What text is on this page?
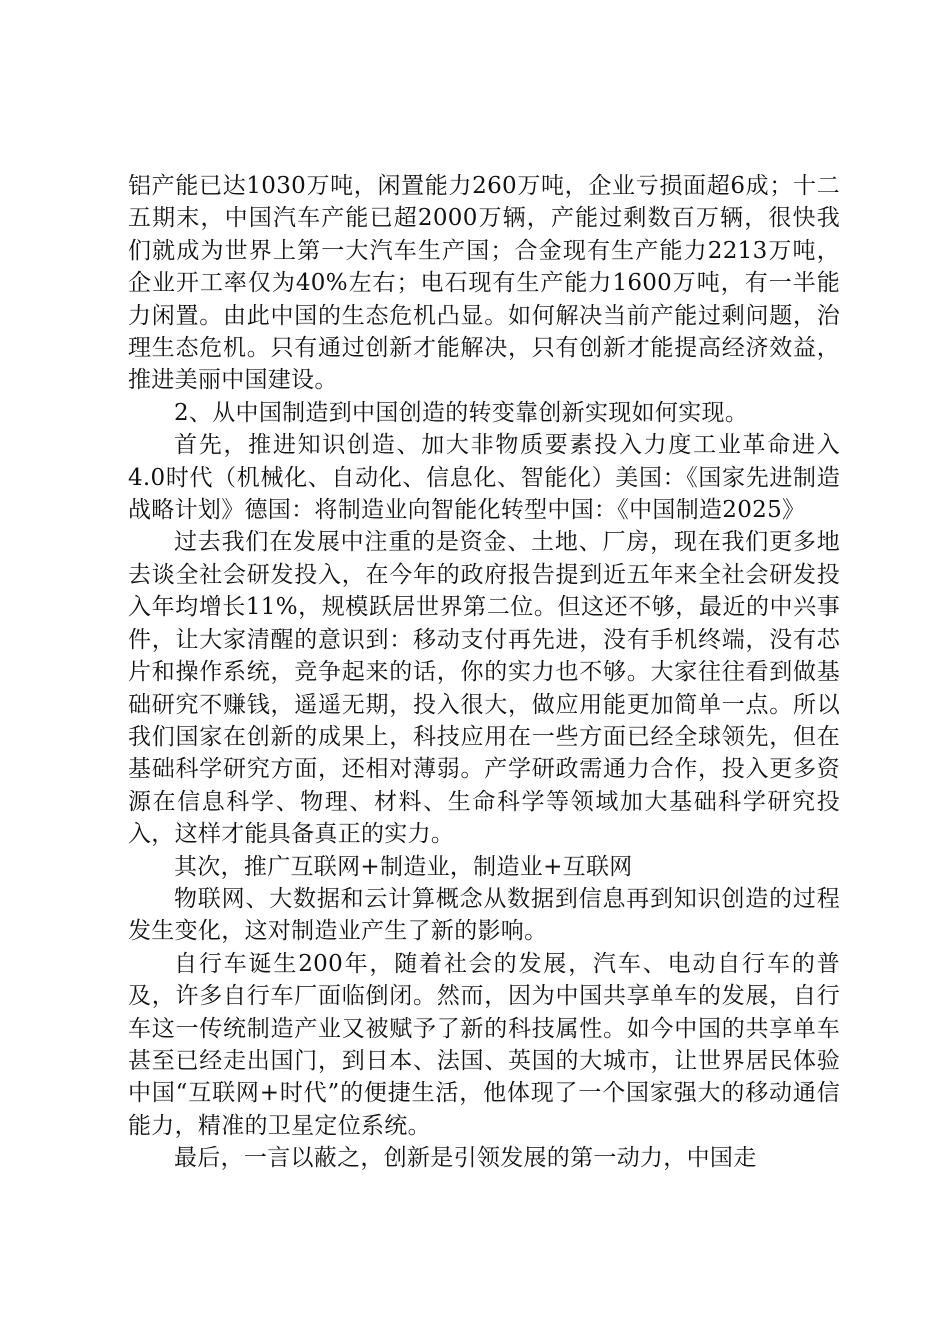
铝产能已达1030万吨，闲置能力260万吨，企业亏损面超6成；十二五期末，中国汽车产能已超2000万辆，产能过剩数百万辆，很快我们就成为世界上第一大汽车生产国；合金现有生产能力2213万吨，企业开工率仅为40%左右；电石现有生产能力1600万吨，有一半能力闲置。由此中国的生态危机凸显。如何解决当前产能过剩问题，治理生态危机。只有通过创新才能解决，只有创新才能提高经济效益，推进美丽中国建设。

2、从中国制造到中国创造的转变靠创新实现如何实现。

首先，推进知识创造、加大非物质要素投入力度工业革命进入4.0时代（机械化、自动化、信息化、智能化）美国：《国家先进制造战略计划》德国：将制造业向智能化转型中国：《中国制造2025》

过去我们在发展中注重的是资金、土地、厂房，现在我们更多地去谈全社会研发投入，在今年的政府报告提到近五年来全社会研发投入年均增长11%，规模跃居世界第二位。但这还不够，最近的中兴事件，让大家清醒的意识到：移动支付再先进，没有手机终端，没有芯片和操作系统，竞争起来的话，你的实力也不够。大家往往看到做基础研究不赚钱，遥遥无期，投入很大，做应用能更加简单一点。所以我们国家在创新的成果上，科技应用在一些方面已经全球领先，但在基础科学研究方面，还相对薄弱。产学研政需通力合作，投入更多资源在信息科学、物理、材料、生命科学等领域加大基础科学研究投入，这样才能具备真正的实力。

其次，推广互联网+制造业，制造业+互联网

物联网、大数据和云计算概念从数据到信息再到知识创造的过程发生变化，这对制造业产生了新的影响。

自行车诞生200年，随着社会的发展，汽车、电动自行车的普及，许多自行车厂面临倒闭。然而，因为中国共享单车的发展，自行车这一传统制造产业又被赋予了新的科技属性。如今中国的共享单车甚至已经走出国门，到日本、法国、英国的大城市，让世界居民体验中国“互联网+时代”的便捷生活，他体现了一个国家强大的移动通信能力，精准的卫星定位系统。

最后，一言以蔽之，创新是引领发展的第一动力，中国走
